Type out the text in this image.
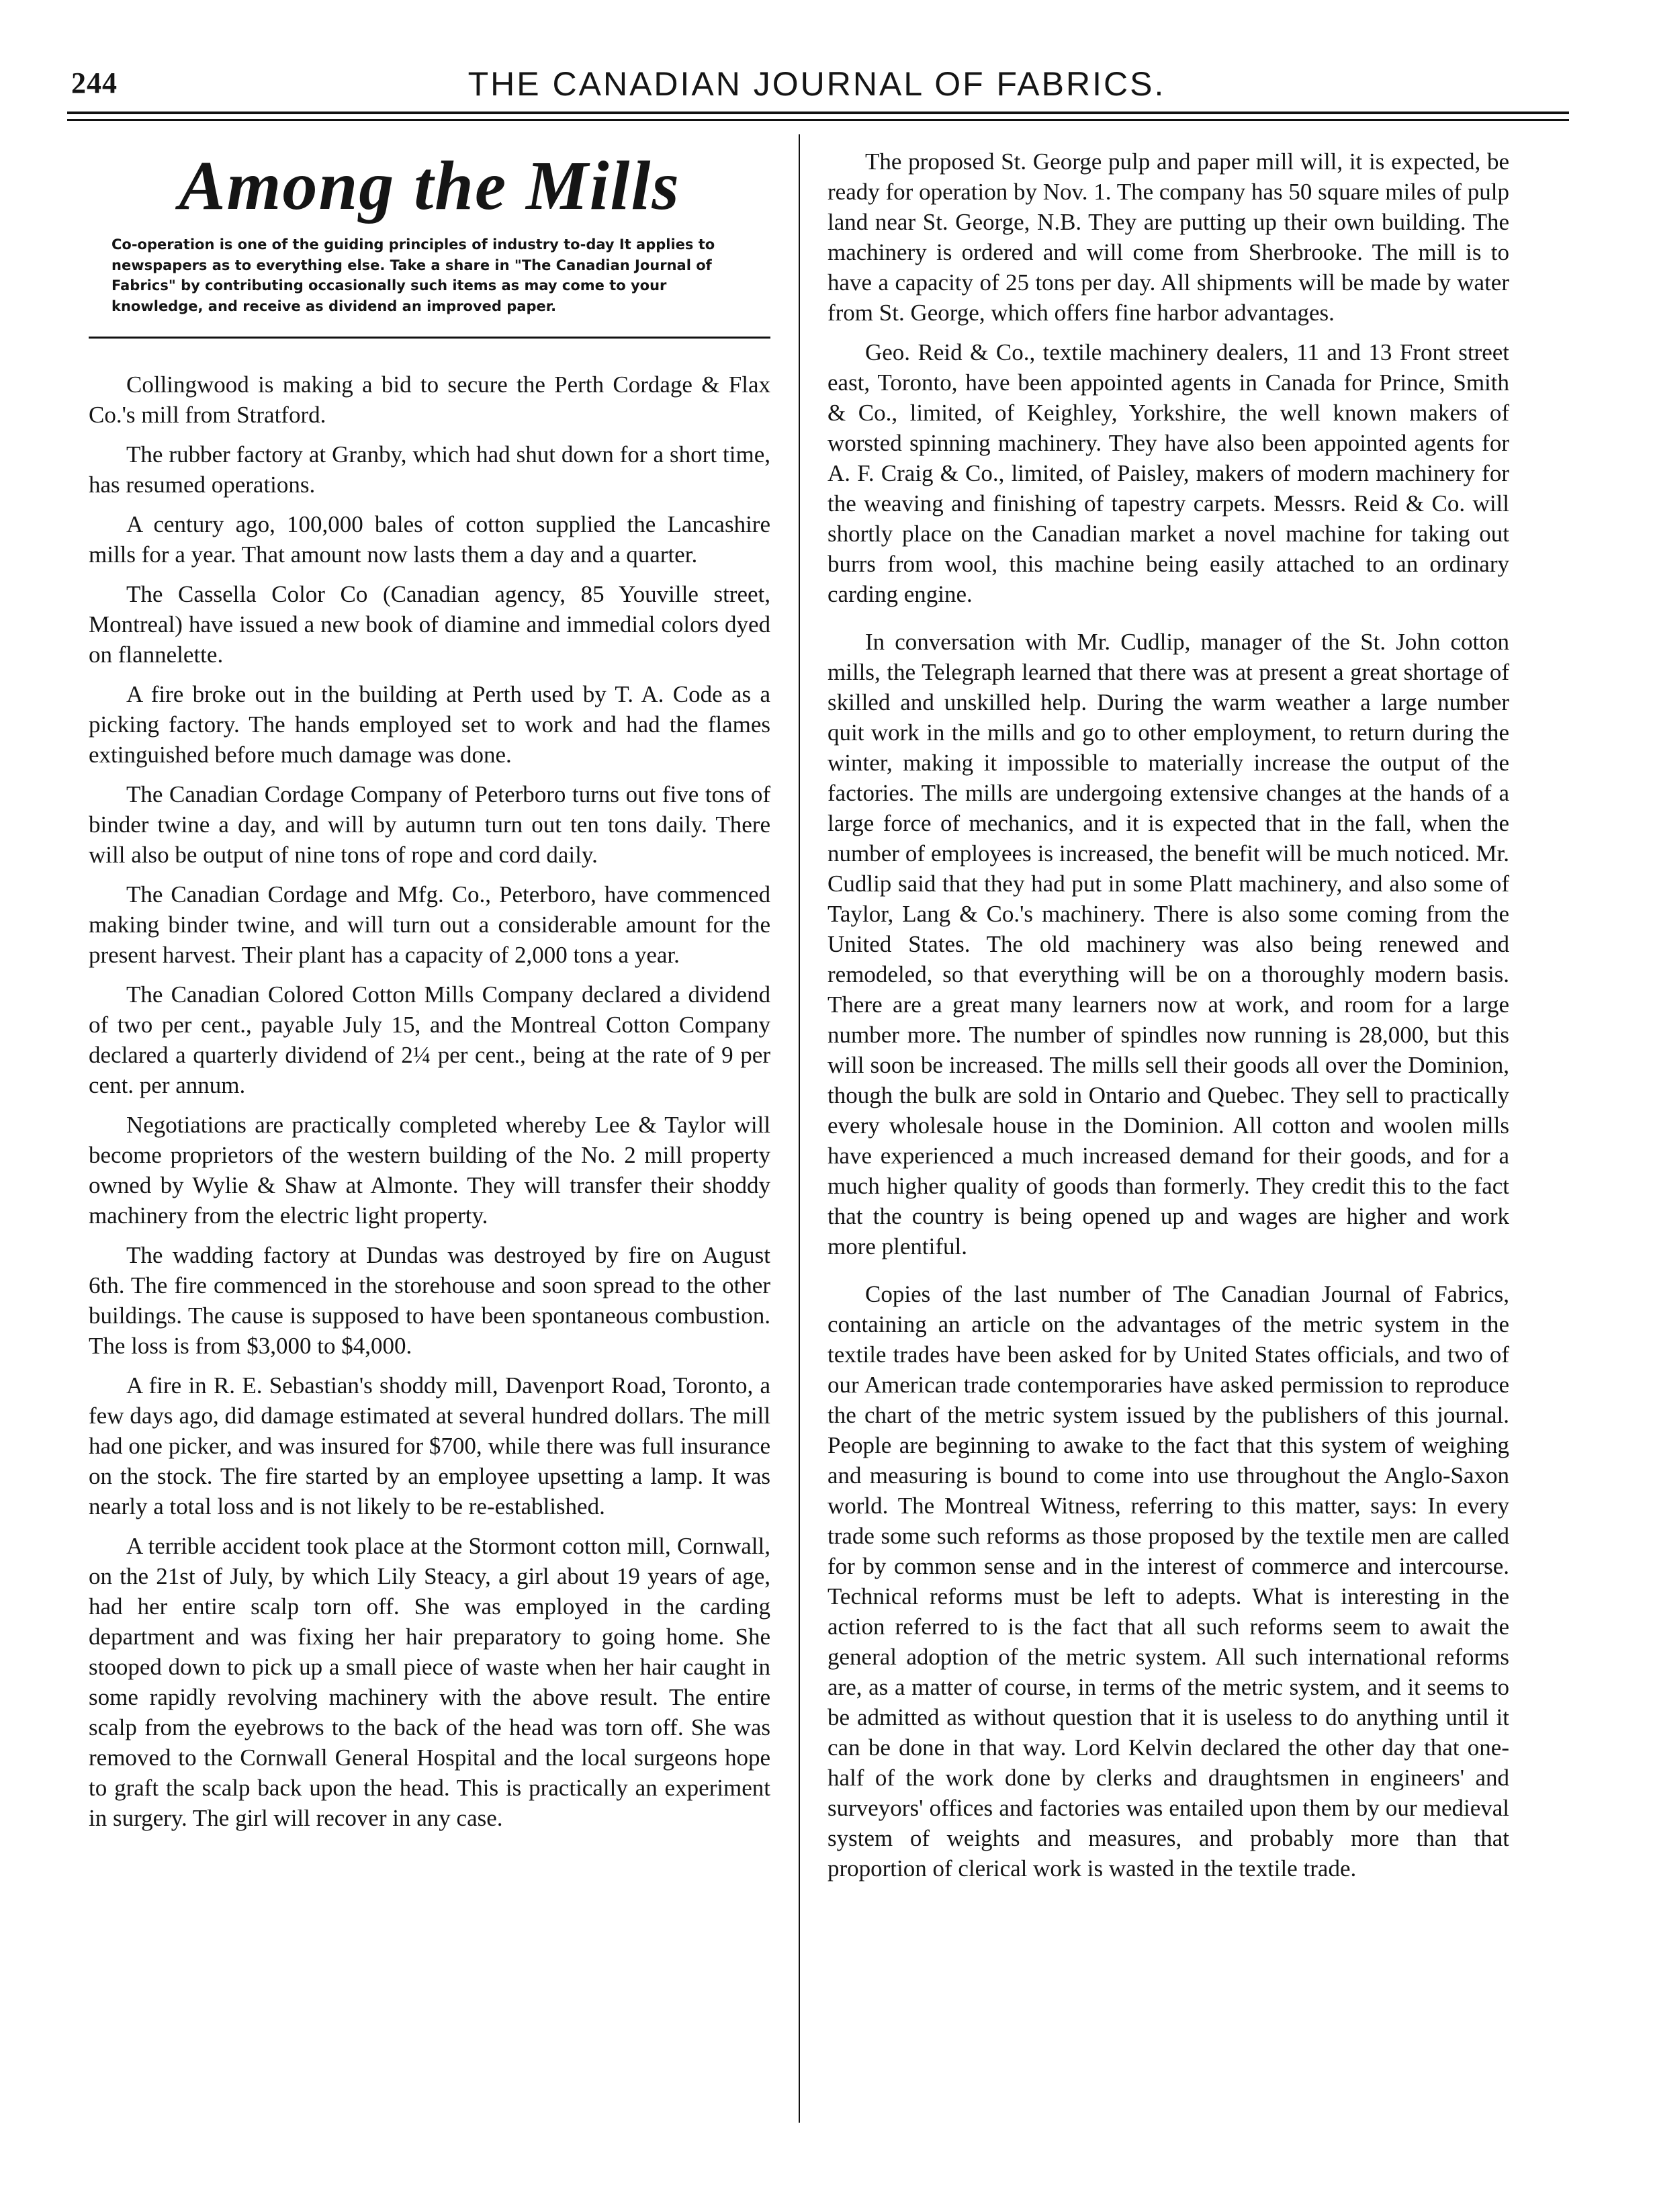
244	THE CANADIAN JOURNAL OF FABRICS.
Among the Mills
Co-operation is one of the guiding principles of industry to-day It applies to newspapers as to everything else. Take a share in "The Canadian Journal of Fabrics" by contributing occasionally such items as may come to your knowledge, and receive as dividend an improved paper.

Collingwood is making a bid to secure the Perth Cordage & Flax Co.'s mill from Stratford.

The rubber factory at Granby, which had shut down for a short time, has resumed operations.

A century ago, 100,000 bales of cotton supplied the Lancashire mills for a year. That amount now lasts them a day and a quarter.

The Cassella Color Co (Canadian agency, 85 Youville street, Montreal) have issued a new book of diamine and immedial colors dyed on flannelette.

A fire broke out in the building at Perth used by T. A. Code as a picking factory. The hands employed set to work and had the flames extinguished before much damage was done.

The Canadian Cordage Company of Peterboro turns out five tons of binder twine a day, and will by autumn turn out ten tons daily. There will also be output of nine tons of rope and cord daily.

The Canadian Cordage and Mfg. Co., Peterboro, have commenced making binder twine, and will turn out a considerable amount for the present harvest. Their plant has a capacity of 2,000 tons a year.

The Canadian Colored Cotton Mills Company declared a dividend of two per cent., payable July 15, and the Montreal Cotton Company declared a quarterly dividend of 2¼ per cent., being at the rate of 9 per cent. per annum.

Negotiations are practically completed whereby Lee & Taylor will become proprietors of the western building of the No. 2 mill property owned by Wylie & Shaw at Almonte. They will transfer their shoddy machinery from the electric light property.

The wadding factory at Dundas was destroyed by fire on August 6th. The fire commenced in the storehouse and soon spread to the other buildings. The cause is supposed to have been spontaneous combustion. The loss is from $3,000 to $4,000.

A fire in R. E. Sebastian's shoddy mill, Davenport Road, Toronto, a few days ago, did damage estimated at several hundred dollars. The mill had one picker, and was insured for $700, while there was full insurance on the stock. The fire started by an employee upsetting a lamp. It was nearly a total loss and is not likely to be re-established.

A terrible accident took place at the Stormont cotton mill, Cornwall, on the 21st of July, by which Lily Steacy, a girl about 19 years of age, had her entire scalp torn off. She was employed in the carding department and was fixing her hair preparatory to going home. She stooped down to pick up a small piece of waste when her hair caught in some rapidly revolving machinery with the above result. The entire scalp from the eyebrows to the back of the head was torn off. She was removed to the Cornwall General Hospital and the local surgeons hope to graft the scalp back upon the head. This is practically an experiment in surgery. The girl will recover in any case.

The proposed St. George pulp and paper mill will, it is expected, be ready for operation by Nov. 1. The company has 50 square miles of pulp land near St. George, N.B. They are putting up their own building. The machinery is ordered and will come from Sherbrooke. The mill is to have a capacity of 25 tons per day. All shipments will be made by water from St. George, which offers fine harbor advantages.

Geo. Reid & Co., textile machinery dealers, 11 and 13 Front street east, Toronto, have been appointed agents in Canada for Prince, Smith & Co., limited, of Keighley, Yorkshire, the well known makers of worsted spinning machinery. They have also been appointed agents for A. F. Craig & Co., limited, of Paisley, makers of modern machinery for the weaving and finishing of tapestry carpets. Messrs. Reid & Co. will shortly place on the Canadian market a novel machine for taking out burrs from wool, this machine being easily attached to an ordinary carding engine.

In conversation with Mr. Cudlip, manager of the St. John cotton mills, the Telegraph learned that there was at present a great shortage of skilled and unskilled help. During the warm weather a large number quit work in the mills and go to other employment, to return during the winter, making it impossible to materially increase the output of the factories. The mills are undergoing extensive changes at the hands of a large force of mechanics, and it is expected that in the fall, when the number of employees is increased, the benefit will be much noticed. Mr. Cudlip said that they had put in some Platt machinery, and also some of Taylor, Lang & Co.'s machinery. There is also some coming from the United States. The old machinery was also being renewed and remodeled, so that everything will be on a thoroughly modern basis. There are a great many learners now at work, and room for a large number more. The number of spindles now running is 28,000, but this will soon be increased. The mills sell their goods all over the Dominion, though the bulk are sold in Ontario and Quebec. They sell to practically every wholesale house in the Dominion. All cotton and woolen mills have experienced a much increased demand for their goods, and for a much higher quality of goods than formerly. They credit this to the fact that the country is being opened up and wages are higher and work more plentiful.

Copies of the last number of The Canadian Journal of Fabrics, containing an article on the advantages of the metric system in the textile trades have been asked for by United States officials, and two of our American trade contemporaries have asked permission to reproduce the chart of the metric system issued by the publishers of this journal. People are beginning to awake to the fact that this system of weighing and measuring is bound to come into use throughout the Anglo-Saxon world. The Montreal Witness, referring to this matter, says: In every trade some such reforms as those proposed by the textile men are called for by common sense and in the interest of commerce and intercourse. Technical reforms must be left to adepts. What is interesting in the action referred to is the fact that all such reforms seem to await the general adoption of the metric system. All such international reforms are, as a matter of course, in terms of the metric system, and it seems to be admitted as without question that it is useless to do anything until it can be done in that way. Lord Kelvin declared the other day that one-half of the work done by clerks and draughtsmen in engineers' and surveyors' offices and factories was entailed upon them by our medieval system of weights and measures, and probably more than that proportion of clerical work is wasted in the textile trade.
